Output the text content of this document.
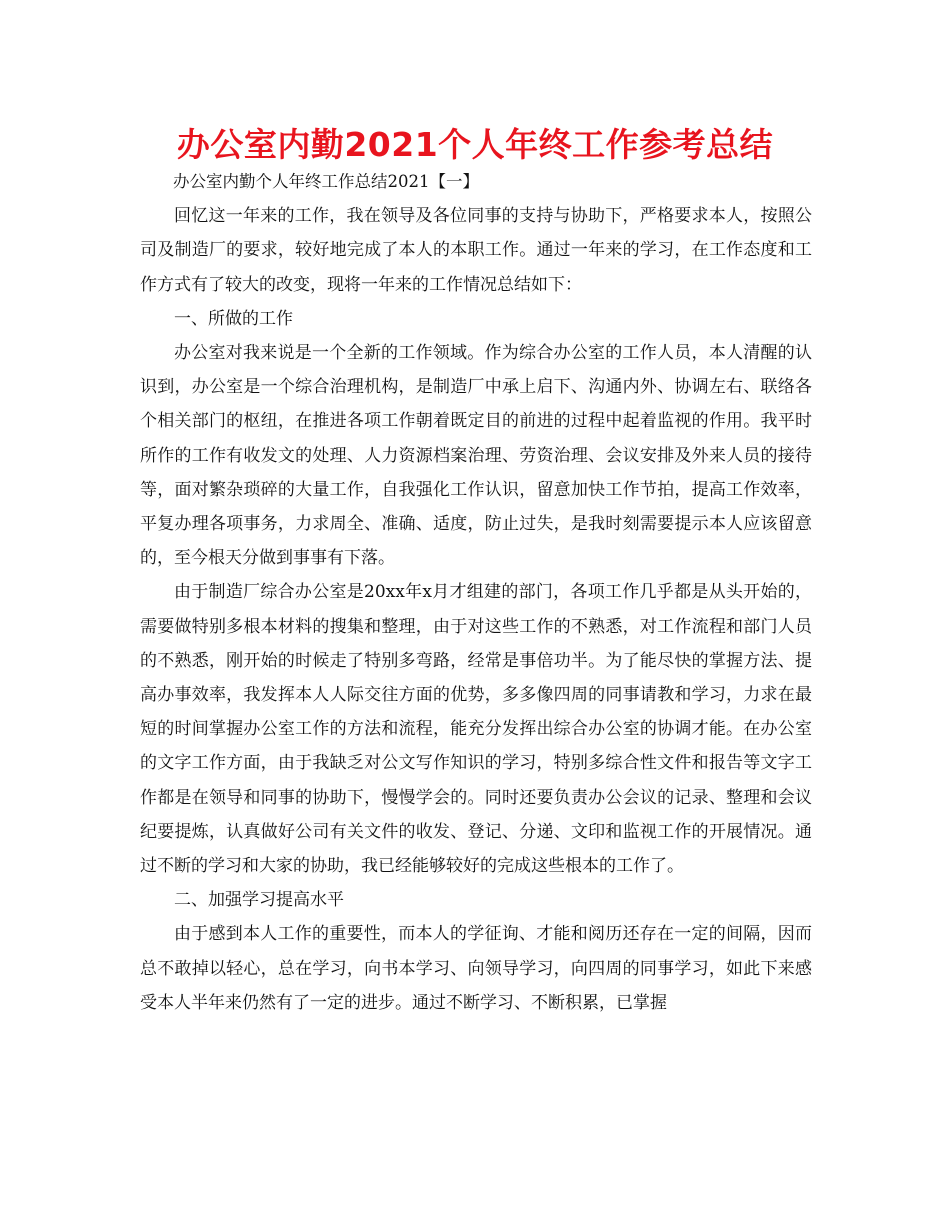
办公室内勤2021个人年终工作参考总结

办公室内勤个人年终工作总结2021【一】

回忆这一年来的工作，我在领导及各位同事的支持与协助下，严格要求本人，按照公司及制造厂的要求，较好地完成了本人的本职工作。通过一年来的学习，在工作态度和工作方式有了较大的改变，现将一年来的工作情况总结如下：

一、所做的工作

办公室对我来说是一个全新的工作领域。作为综合办公室的工作人员，本人清醒的认识到，办公室是一个综合治理机构，是制造厂中承上启下、沟通内外、协调左右、联络各个相关部门的枢纽，在推进各项工作朝着既定目的前进的过程中起着监视的作用。我平时所作的工作有收发文的处理、人力资源档案治理、劳资治理、会议安排及外来人员的接待等，面对繁杂琐碎的大量工作，自我强化工作认识，留意加快工作节拍，提高工作效率，平复办理各项事务，力求周全、准确、适度，防止过失，是我时刻需要提示本人应该留意的，至今根天分做到事事有下落。

由于制造厂综合办公室是20xx年x月才组建的部门，各项工作几乎都是从头开始的，需要做特别多根本材料的搜集和整理，由于对这些工作的不熟悉，对工作流程和部门人员的不熟悉，刚开始的时候走了特别多弯路，经常是事倍功半。为了能尽快的掌握方法、提高办事效率，我发挥本人人际交往方面的优势，多多像四周的同事请教和学习，力求在最短的时间掌握办公室工作的方法和流程，能充分发挥出综合办公室的协调才能。在办公室的文字工作方面，由于我缺乏对公文写作知识的学习，特别多综合性文件和报告等文字工作都是在领导和同事的协助下，慢慢学会的。同时还要负责办公会议的记录、整理和会议纪要提炼，认真做好公司有关文件的收发、登记、分递、文印和监视工作的开展情况。通过不断的学习和大家的协助，我已经能够较好的完成这些根本的工作了。

二、加强学习提高水平

由于感到本人工作的重要性，而本人的学征询、才能和阅历还存在一定的间隔，因而总不敢掉以轻心，总在学习，向书本学习、向领导学习，向四周的同事学习，如此下来感受本人半年来仍然有了一定的进步。通过不断学习、不断积累，已掌握
